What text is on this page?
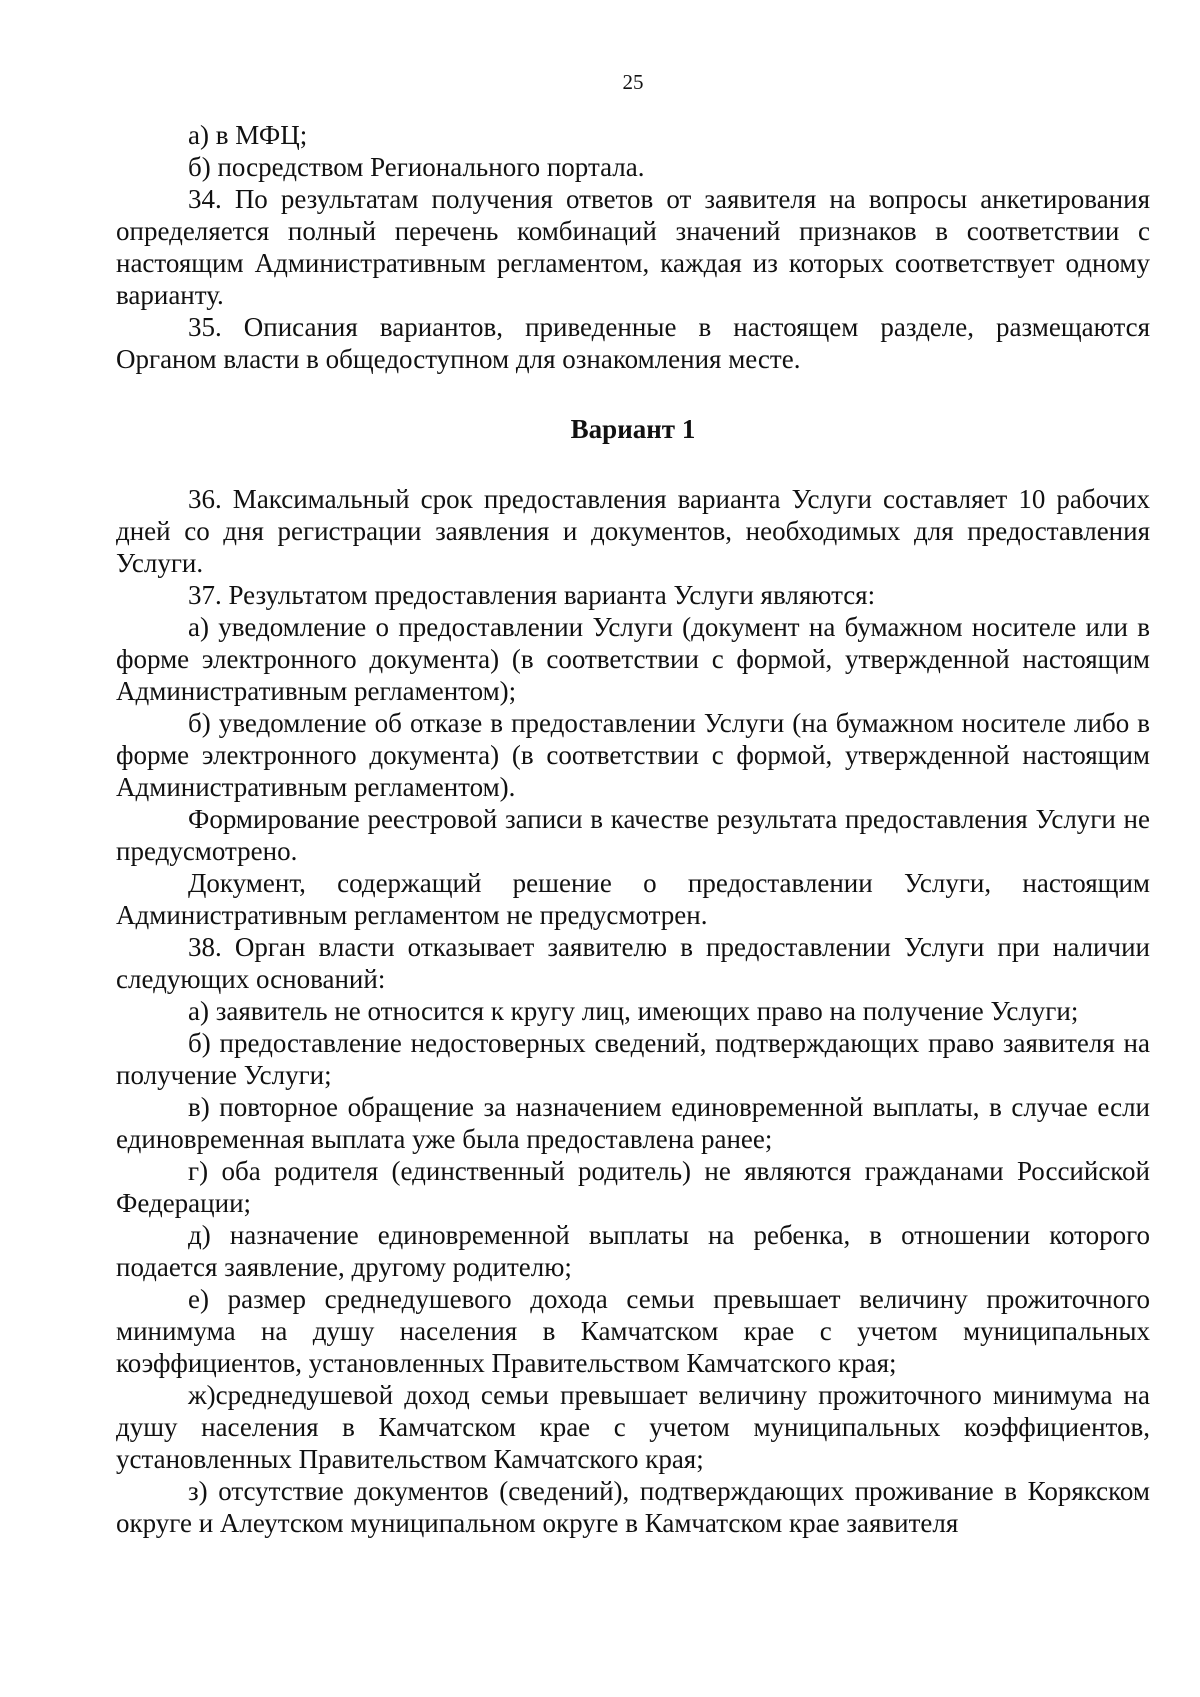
25

а) в МФЦ;

б) посредством Регионального портала.

34. По результатам получения ответов от заявителя на вопросы анкетирования определяется полный перечень комбинаций значений признаков в соответствии с настоящим Административным регламентом, каждая из которых соответствует одному варианту.

35. Описания вариантов, приведенные в настоящем разделе, размещаются Органом власти в общедоступном для ознакомления месте.

Вариант 1

36. Максимальный срок предоставления варианта Услуги составляет 10 рабочих дней со дня регистрации заявления и документов, необходимых для предоставления Услуги.

37. Результатом предоставления варианта Услуги являются:

а) уведомление о предоставлении Услуги (документ на бумажном носителе или в форме электронного документа) (в соответствии с формой, утвержденной настоящим Административным регламентом);

б) уведомление об отказе в предоставлении Услуги (на бумажном носителе либо в форме электронного документа) (в соответствии с формой, утвержденной настоящим Административным регламентом).

Формирование реестровой записи в качестве результата предоставления Услуги не предусмотрено.

Документ, содержащий решение о предоставлении Услуги, настоящим Административным регламентом не предусмотрен.

38. Орган власти отказывает заявителю в предоставлении Услуги при наличии следующих оснований:

а) заявитель не относится к кругу лиц, имеющих право на получение Услуги;

б) предоставление недостоверных сведений, подтверждающих право заявителя на получение Услуги;

в) повторное обращение за назначением единовременной выплаты, в случае если единовременная выплата уже была предоставлена ранее;

г) оба родителя (единственный родитель) не являются гражданами Российской Федерации;

д) назначение единовременной выплаты на ребенка, в отношении которого подается заявление, другому родителю;

е) размер среднедушевого дохода семьи превышает величину прожиточного минимума на душу населения в Камчатском крае с учетом муниципальных коэффициентов, установленных Правительством Камчатского края;

ж)среднедушевой доход семьи превышает величину прожиточного минимума на душу населения в Камчатском крае с учетом муниципальных коэффициентов, установленных Правительством Камчатского края;

з) отсутствие документов (сведений), подтверждающих проживание в Корякском округе и Алеутском муниципальном округе в Камчатском крае заявителя
